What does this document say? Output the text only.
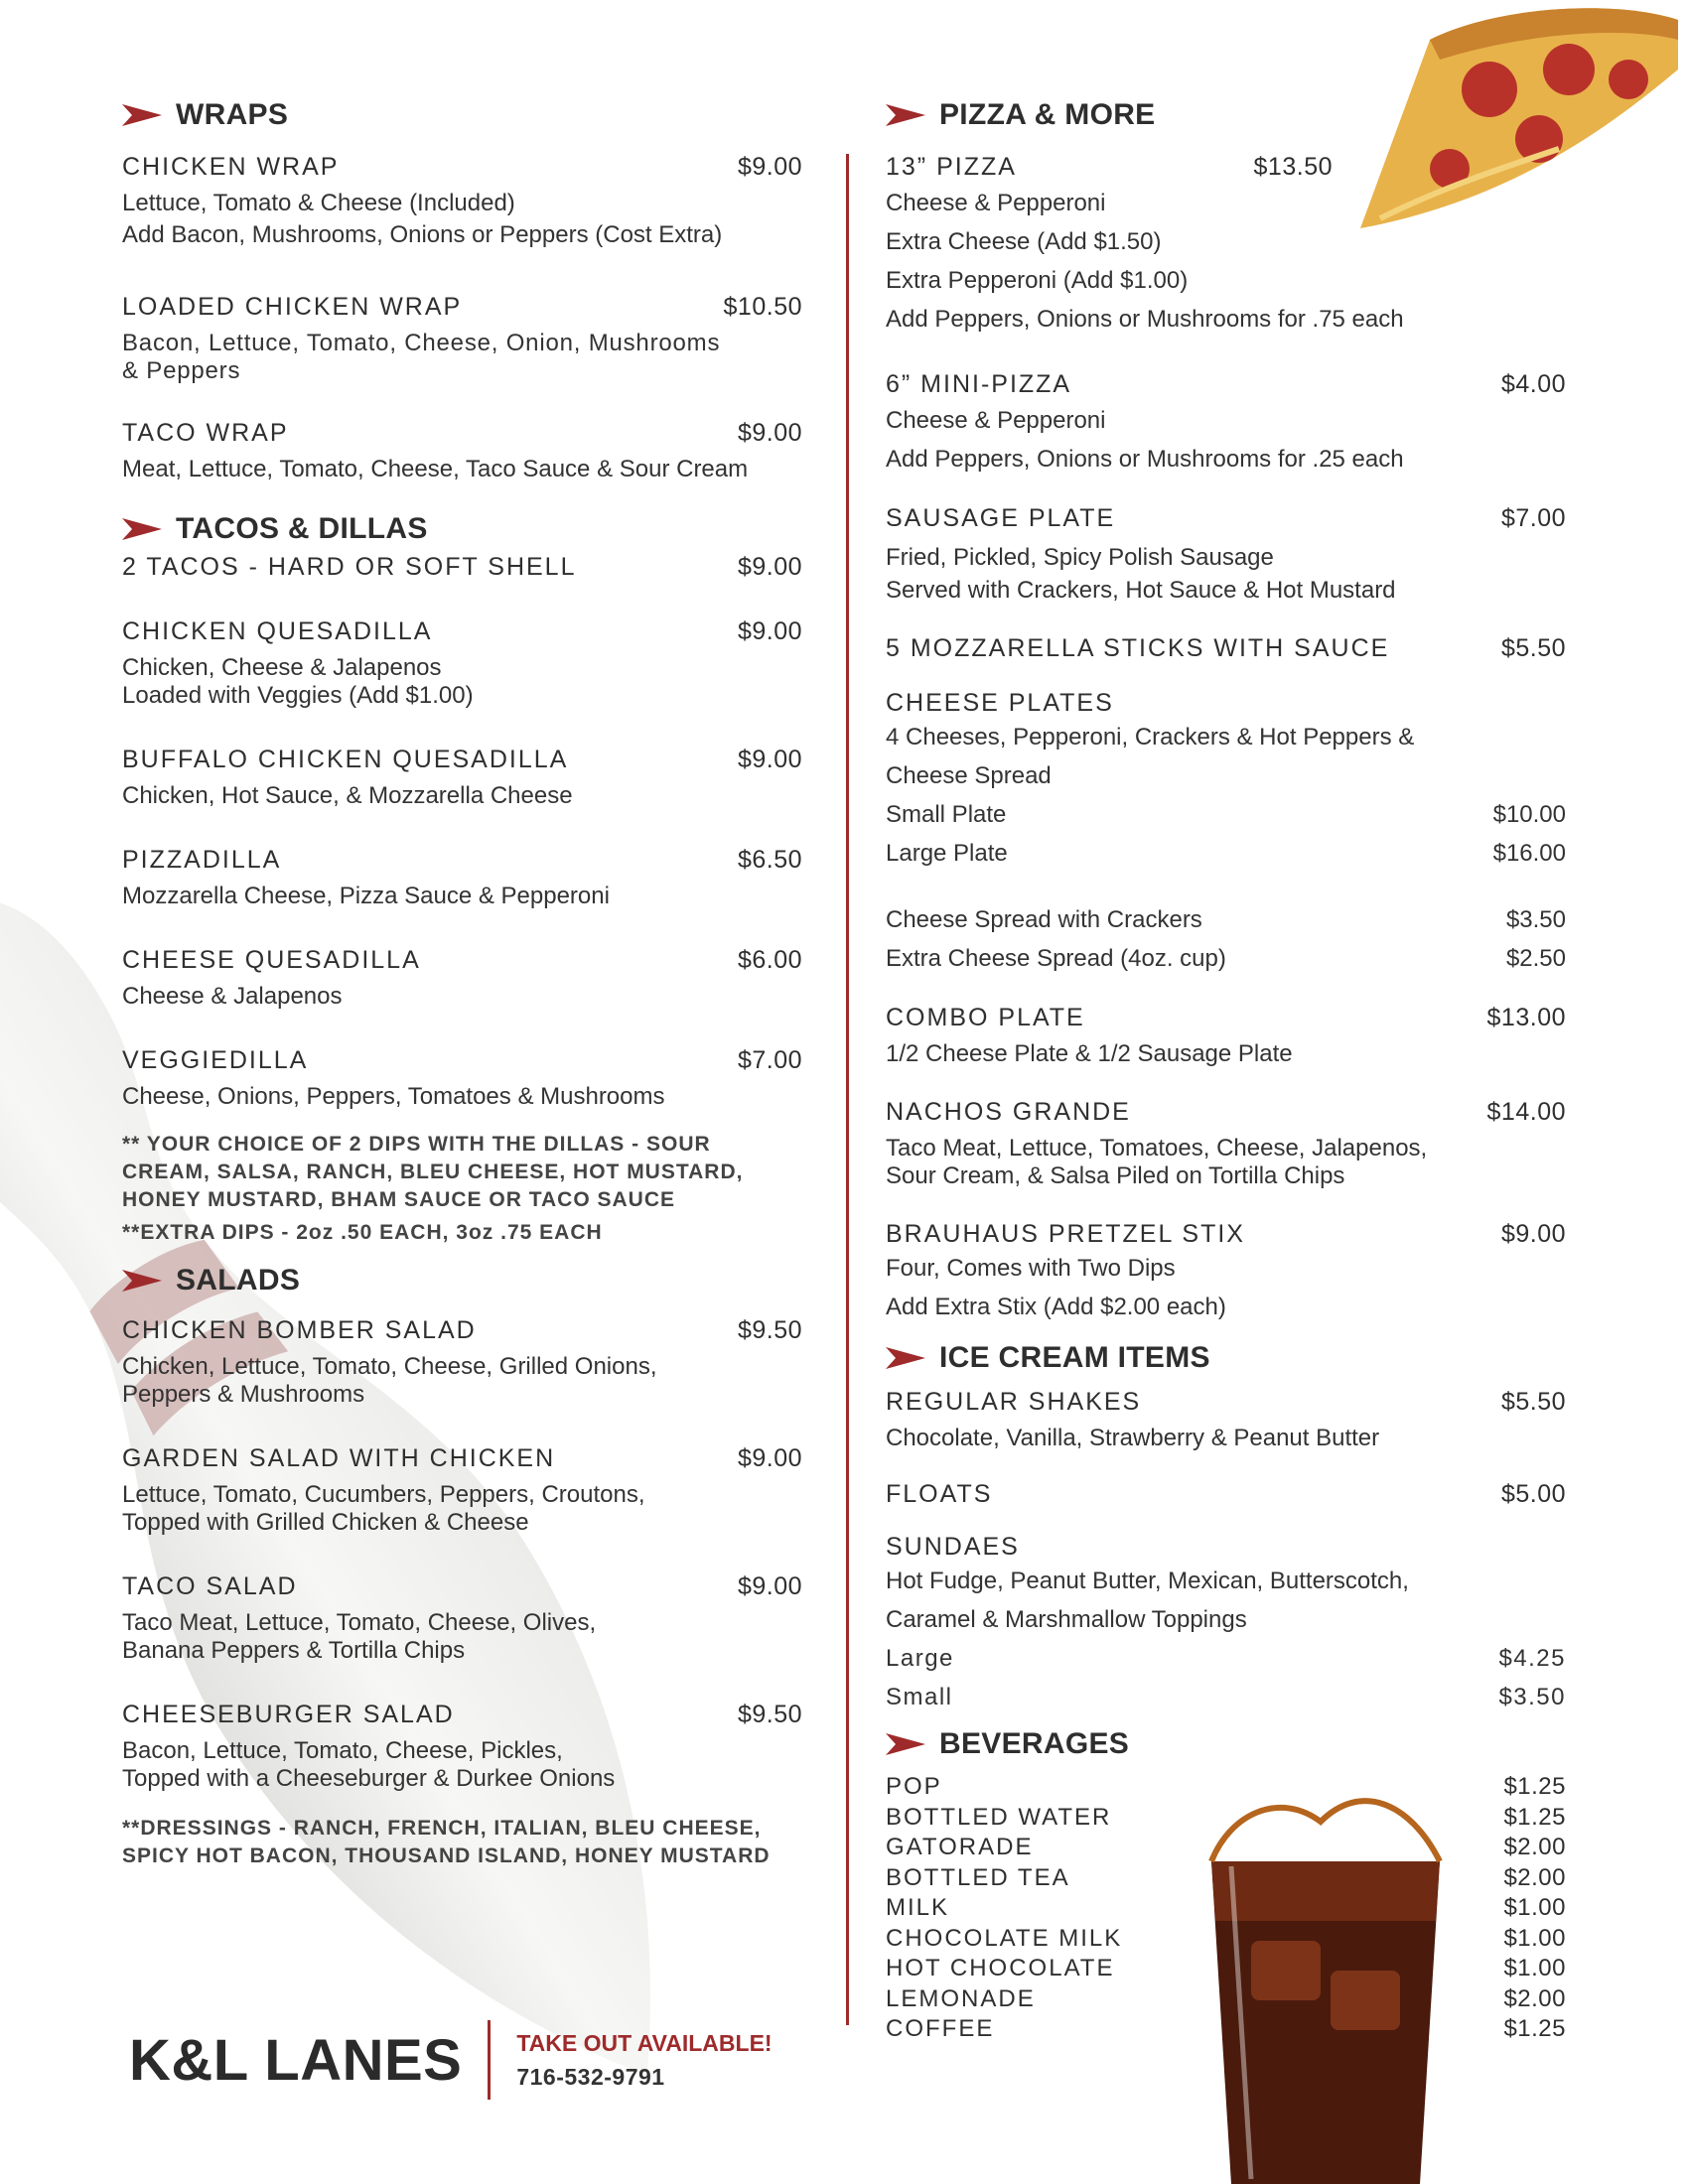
WRAPS
CHICKEN WRAP	$9.00
Lettuce, Tomato & Cheese (Included)
Add Bacon, Mushrooms, Onions or Peppers (Cost Extra)
LOADED CHICKEN WRAP	$10.50
Bacon, Lettuce, Tomato, Cheese, Onion, Mushrooms
& Peppers
TACO WRAP	$9.00
Meat, Lettuce, Tomato, Cheese, Taco Sauce & Sour Cream
TACOS & DILLAS
2 TACOS - HARD OR SOFT SHELL	$9.00
CHICKEN QUESADILLA	$9.00
Chicken, Cheese & Jalapenos
Loaded with Veggies (Add $1.00)
BUFFALO CHICKEN QUESADILLA	$9.00
Chicken, Hot Sauce, & Mozzarella Cheese
PIZZADILLA	$6.50
Mozzarella Cheese, Pizza Sauce & Pepperoni
CHEESE QUESADILLA	$6.00
Cheese & Jalapenos
VEGGIEDILLA	$7.00
Cheese, Onions, Peppers, Tomatoes & Mushrooms
** YOUR CHOICE OF 2 DIPS WITH THE DILLAS - SOUR
CREAM, SALSA, RANCH, BLEU CHEESE, HOT MUSTARD,
HONEY MUSTARD, BHAM SAUCE OR TACO SAUCE
**EXTRA DIPS - 2oz .50 EACH, 3oz .75 EACH
SALADS
CHICKEN BOMBER SALAD	$9.50
Chicken, Lettuce, Tomato, Cheese, Grilled Onions,
Peppers & Mushrooms
GARDEN SALAD WITH CHICKEN	$9.00
Lettuce, Tomato, Cucumbers, Peppers, Croutons,
Topped with Grilled Chicken & Cheese
TACO SALAD	$9.00
Taco Meat, Lettuce, Tomato, Cheese, Olives,
Banana Peppers & Tortilla Chips
CHEESEBURGER SALAD	$9.50
Bacon, Lettuce, Tomato, Cheese, Pickles,
Topped with a Cheeseburger & Durkee Onions
**DRESSINGS - RANCH, FRENCH, ITALIAN, BLEU CHEESE,
SPICY HOT BACON, THOUSAND ISLAND, HONEY MUSTARD
PIZZA & MORE
13” PIZZA	$13.50
Cheese & Pepperoni
Extra Cheese (Add $1.50)
Extra Pepperoni (Add $1.00)
Add Peppers, Onions or Mushrooms for .75 each
6” MINI-PIZZA	$4.00
Cheese & Pepperoni
Add Peppers, Onions or Mushrooms for .25 each
SAUSAGE PLATE	$7.00
Fried, Pickled, Spicy Polish Sausage
Served with Crackers, Hot Sauce & Hot Mustard
5 MOZZARELLA STICKS WITH SAUCE	$5.50
CHEESE PLATES
4 Cheeses, Pepperoni, Crackers & Hot Peppers &
Cheese Spread
Small Plate	$10.00
Large Plate	$16.00
Cheese Spread with Crackers	$3.50
Extra Cheese Spread (4oz. cup)	$2.50
COMBO PLATE	$13.00
1/2 Cheese Plate & 1/2 Sausage Plate
NACHOS GRANDE	$14.00
Taco Meat, Lettuce, Tomatoes, Cheese, Jalapenos,
Sour Cream, & Salsa Piled on Tortilla Chips
BRAUHAUS PRETZEL STIX	$9.00
Four, Comes with Two Dips
Add Extra Stix (Add $2.00 each)
ICE CREAM ITEMS
REGULAR SHAKES	$5.50
Chocolate, Vanilla, Strawberry & Peanut Butter
FLOATS	$5.00
SUNDAES
Hot Fudge, Peanut Butter, Mexican, Butterscotch,
Caramel & Marshmallow Toppings
Large	$4.25
Small	$3.50
BEVERAGES
POP	$1.25
BOTTLED WATER	$1.25
GATORADE	$2.00
BOTTLED TEA	$2.00
MILK	$1.00
CHOCOLATE MILK	$1.00
HOT CHOCOLATE	$1.00
LEMONADE	$2.00
COFFEE	$1.25
K&L LANES TAKE OUT AVAILABLE!
716-532-9791
